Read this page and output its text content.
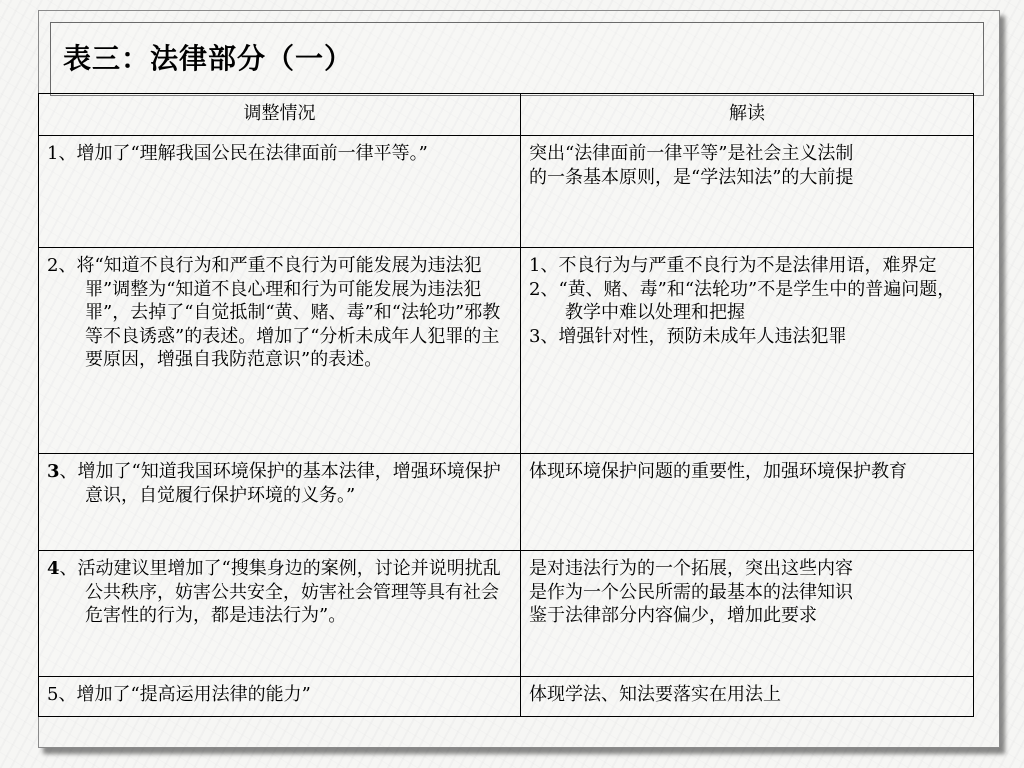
表三：法律部分（一）
调整情况	解读

1、增加了“理解我国公民在法律面前一律平等。”	突出“法律面前一律平等”是社会主义法制

的一条基本原则，是“学法知法”的大前提

2、将“知道不良行为和严重不良行为可能发展为违法犯罪”调整为“知道不良心理和行为可能发展为违法犯罪”，去掉了“自觉抵制“黄、赌、毒”和“法轮功”邪教等不良诱惑”的表述。增加了“分析未成年人犯罪的主要原因，增强自我防范意识”的表述。	1、不良行为与严重不良行为不是法律用语，难界定

2、“黄、赌、毒”和“法轮功”不是学生中的普遍问题，教学中难以处理和把握

3、增强针对性，预防未成年人违法犯罪

3、增加了“知道我国环境保护的基本法律，增强环境保护意识，自觉履行保护环境的义务。”	体现环境保护问题的重要性，加强环境保护教育

4、活动建议里增加了“搜集身边的案例，讨论并说明扰乱公共秩序，妨害公共安全，妨害社会管理等具有社会危害性的行为，都是违法行为”。	是对违法行为的一个拓展，突出这些内容

是作为一个公民所需的最基本的法律知识

鉴于法律部分内容偏少，增加此要求

5、增加了“提高运用法律的能力”	体现学法、知法要落实在用法上
